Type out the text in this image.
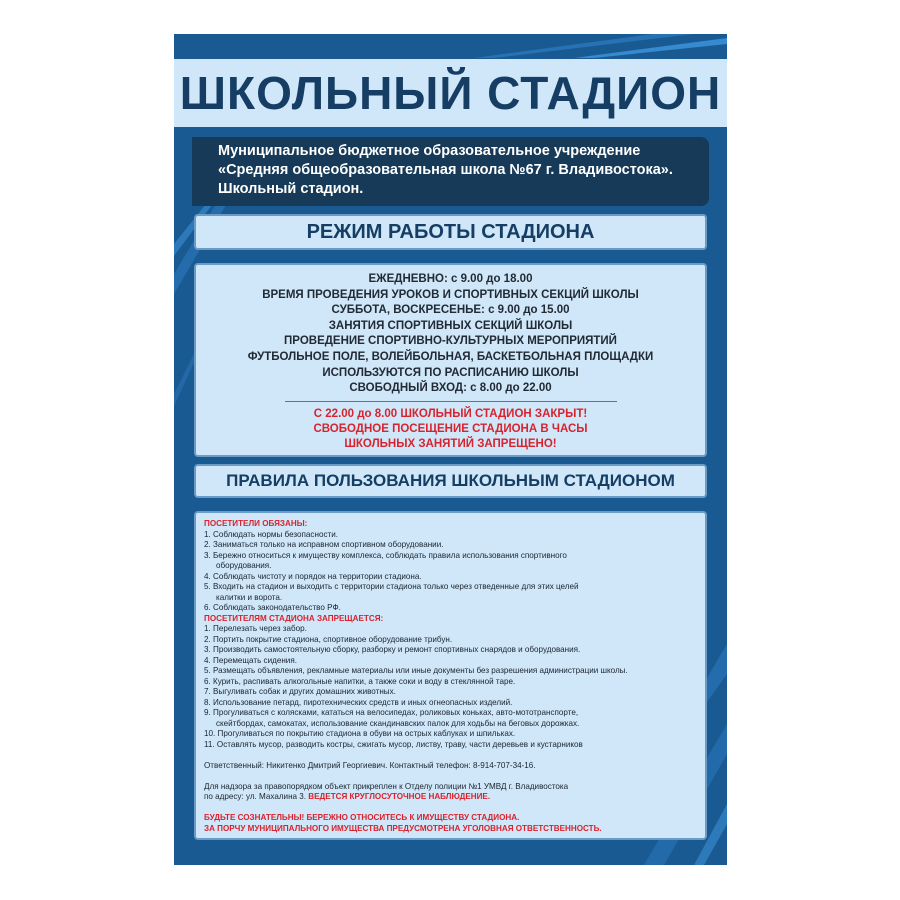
ШКОЛЬНЫЙ СТАДИОН
Муниципальное бюджетное образовательное учреждение
«Средняя общеобразовательная школа №67 г. Владивостока».
Школьный стадион.
РЕЖИМ РАБОТЫ СТАДИОНА
ЕЖЕДНЕВНО: с 9.00 до 18.00
ВРЕМЯ ПРОВЕДЕНИЯ УРОКОВ И СПОРТИВНЫХ СЕКЦИЙ ШКОЛЫ
СУББОТА, ВОСКРЕСЕНЬЕ: с 9.00 до 15.00
ЗАНЯТИЯ СПОРТИВНЫХ СЕКЦИЙ ШКОЛЫ
ПРОВЕДЕНИЕ СПОРТИВНО-КУЛЬТУРНЫХ МЕРОПРИЯТИЙ
ФУТБОЛЬНОЕ ПОЛЕ, ВОЛЕЙБОЛЬНАЯ, БАСКЕТБОЛЬНАЯ ПЛОЩАДКИ
ИСПОЛЬЗУЮТСЯ ПО РАСПИСАНИЮ ШКОЛЫ
СВОБОДНЫЙ ВХОД: с 8.00 до 22.00
С 22.00 до 8.00 ШКОЛЬНЫЙ СТАДИОН ЗАКРЫТ!
СВОБОДНОЕ ПОСЕЩЕНИЕ СТАДИОНА В ЧАСЫ
ШКОЛЬНЫХ ЗАНЯТИЙ ЗАПРЕЩЕНО!
ПРАВИЛА ПОЛЬЗОВАНИЯ ШКОЛЬНЫМ СТАДИОНОМ
ПОСЕТИТЕЛИ ОБЯЗАНЫ:
1. Соблюдать нормы безопасности.
2. Заниматься только на исправном спортивном оборудовании.
3. Бережно относиться к имуществу комплекса, соблюдать правила использования спортивного
оборудования.
4. Соблюдать чистоту и порядок на территории стадиона.
5. Входить на стадион и выходить с территории стадиона только через отведенные для этих целей
калитки и ворота.
6. Соблюдать законодательство РФ.
ПОСЕТИТЕЛЯМ СТАДИОНА ЗАПРЕЩАЕТСЯ:
1. Перелезать через забор.
2. Портить покрытие стадиона, спортивное оборудование трибун.
3. Производить самостоятельную сборку, разборку и ремонт спортивных снарядов и оборудования.
4. Перемещать сидения.
5. Размещать объявления, рекламные материалы или иные документы без разрешения администрации школы.
6. Курить, распивать алкогольные напитки, а также соки и воду в стеклянной таре.
7. Выгуливать собак и других домашних животных.
8. Использование петард, пиротехнических средств и иных огнеопасных изделий.
9. Прогуливаться с колясками, кататься на велосипедах, роликовых коньках, авто-мототранспорте,
скейтбордах, самокатах, использование скандинавских палок для ходьбы на беговых дорожках.
10. Прогуливаться по покрытию стадиона в обуви на острых каблуках и шпильках.
11. Оставлять мусор, разводить костры, сжигать мусор, листву, траву, части деревьев и кустарников
Ответственный: Никитенко Дмитрий Георгиевич. Контактный телефон: 8-914-707-34-16.
Для надзора за правопорядком объект прикреплен к Отделу полиции №1 УМВД г. Владивостока
по адресу: ул. Махалина 3. ВЕДЕТСЯ КРУГЛОСУТОЧНОЕ НАБЛЮДЕНИЕ.
БУДЬТЕ СОЗНАТЕЛЬНЫ! БЕРЕЖНО ОТНОСИТЕСЬ К ИМУЩЕСТВУ СТАДИОНА.
ЗА ПОРЧУ МУНИЦИПАЛЬНОГО ИМУЩЕСТВА ПРЕДУСМОТРЕНА УГОЛОВНАЯ ОТВЕТСТВЕННОСТЬ.
